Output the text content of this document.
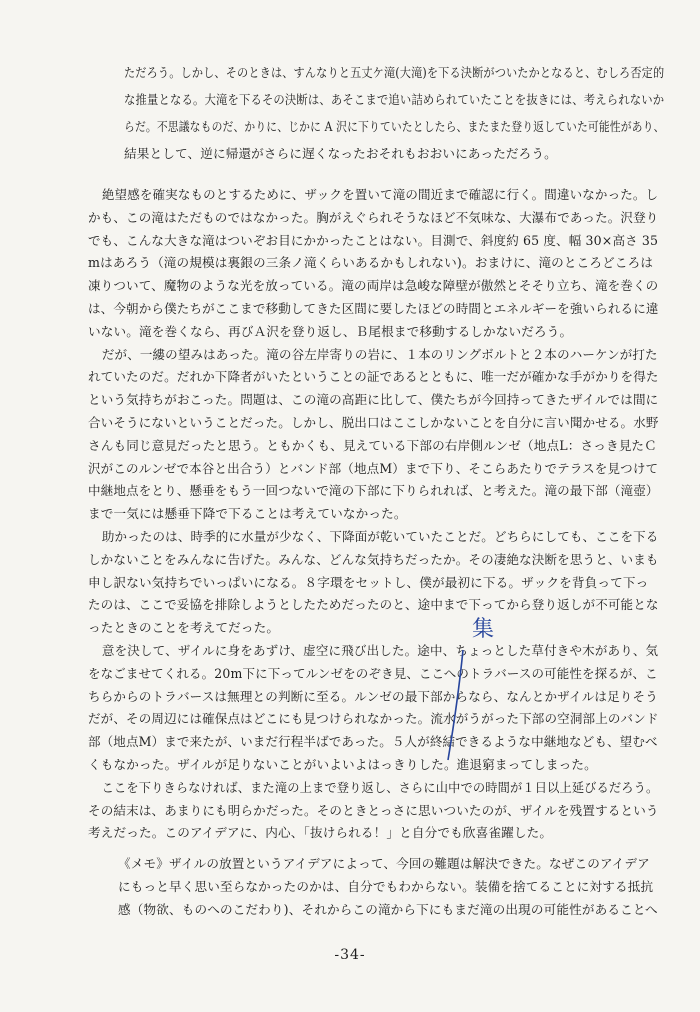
ただろう。しかし、そのときは、すんなりと五丈ケ滝(大滝)を下る決断がついたかとなると、むしろ否定的
な推量となる。大滝を下るその決断は、あそこまで追い詰められていたことを抜きには、考えられないか
らだ。不思議なものだ、かりに、じかに A 沢に下りていたとしたら、またまた登り返していた可能性があり、
結果として、逆に帰還がさらに遅くなったおそれもおおいにあっただろう。
絶望感を確実なものとするために、ザックを置いて滝の間近まで確認に行く。間違いなかった。し
かも、この滝はただものではなかった。胸がえぐられそうなほど不気味な、大瀑布であった。沢登り
でも、こんな大きな滝はついぞお目にかかったことはない。目測で、斜度約 65 度、幅 30×高さ 35
mはあろう（滝の規模は裏銀の三条ノ滝くらいあるかもしれない)。おまけに、滝のところどころは
凍りついて、魔物のような光を放っている。滝の両岸は急峻な障壁が傲然とそそり立ち、滝を巻くの
は、今朝から僕たちがここまで移動してきた区間に要したほどの時間とエネルギーを強いられるに違
いない。滝を巻くなら、再びＡ沢を登り返し、Ｂ尾根まで移動するしかないだろう。
だが、一縷の望みはあった。滝の谷左岸寄りの岩に、１本のリングボルトと２本のハーケンが打た
れていたのだ。だれか下降者がいたということの証であるとともに、唯一だが確かな手がかりを得た
という気持ちがおこった。問題は、この滝の高距に比して、僕たちが今回持ってきたザイルでは間に
合いそうにないということだった。しかし、脱出口はここしかないことを自分に言い聞かせる。水野
さんも同じ意見だったと思う。ともかくも、見えている下部の右岸側ルンゼ（地点L：さっき見たＣ
沢がこのルンゼで本谷と出合う）とバンド部（地点M）まで下り、そこらあたりでテラスを見つけて
中継地点をとり、懸垂をもう一回つないで滝の下部に下りられれば、と考えた。滝の最下部（滝壺）
まで一気には懸垂下降で下ることは考えていなかった。
助かったのは、時季的に水量が少なく、下降面が乾いていたことだ。どちらにしても、ここを下る
しかないことをみんなに告げた。みんな、どんな気持ちだったか。その凄絶な決断を思うと、いまも
申し訳ない気持ちでいっぱいになる。８字環をセットし、僕が最初に下る。ザックを背負って下っ
たのは、ここで妥協を排除しようとしたためだったのと、途中まで下ってから登り返しが不可能とな
ったときのことを考えてだった。
意を決して、ザイルに身をあずけ、虚空に飛び出した。途中、ちょっとした草付きや木があり、気
をなごませてくれる。20m下に下ってルンゼをのぞき見、ここへのトラバースの可能性を探るが、こ
ちらからのトラバースは無理との判断に至る。ルンゼの最下部からなら、なんとかザイルは足りそう
だが、その周辺には確保点はどこにも見つけられなかった。流水がうがった下部の空洞部上のバンド
部（地点M）まで来たが、いまだ行程半ばであった。５人が終結できるような中継地なども、望むべ
くもなかった。ザイルが足りないことがいよいよはっきりした。進退窮まってしまった。
ここを下りきらなければ、また滝の上まで登り返し、さらに山中での時間が１日以上延びるだろう。
その結末は、あまりにも明らかだった。そのときとっさに思いついたのが、ザイルを残置するという
考えだった。このアイデアに、内心、「抜けられる！」と自分でも欣喜雀躍した。
《メモ》ザイルの放置というアイデアによって、今回の難題は解決できた。なぜこのアイデア
にもっと早く思い至らなかったのかは、自分でもわからない。装備を捨てることに対する抵抗
感（物欲、ものへのこだわり)、それからこの滝から下にもまだ滝の出現の可能性があることへ
集
-34-
